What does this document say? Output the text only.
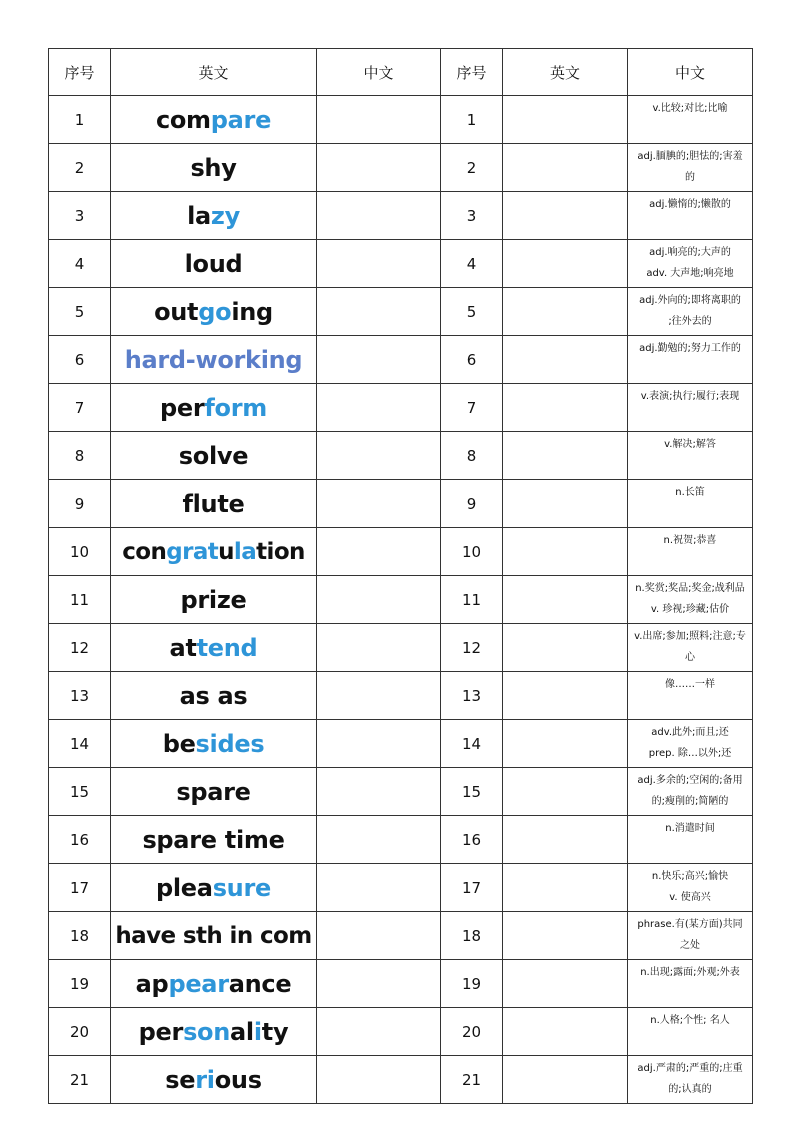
序号	英文	中文	序号	英文	中文
1	compare		1		v.比较;对比;比喻

2	shy		2		adj.腼腆的;胆怯的;害羞
的

3	lazy		3		adj.懒惰的;懒散的

4	loud		4		adj.响亮的;大声的
adv. 大声地;响亮地

5	outgoing		5		adj.外向的;即将离职的
;往外去的

6	hard-working		6		adj.勤勉的;努力工作的

7	perform		7		v.表演;执行;履行;表现

8	solve		8		v.解决;解答

9	flute		9		n.长笛

10	congratulation		10		n.祝贺;恭喜

11	prize		11		n.奖赏;奖品;奖金;战利品
v. 珍视;珍藏;估价

12	attend		12		v.出席;参加;照料;注意;专
心

13	as as		13		像……一样

14	besides		14		adv.此外;而且;还
prep. 除…以外;还

15	spare		15		adj.多余的;空闲的;备用
的;瘦削的;简陋的

16	spare time		16		n.消遣时间

17	pleasure		17		n.快乐;高兴;愉快
v. 使高兴

18	have sth in com		18		phrase.有(某方面)共同
之处

19	appearance		19		n.出现;露面;外观;外表

20	personality		20		n.人格;个性; 名人

21	serious		21		adj.严肃的;严重的;庄重
的;认真的
